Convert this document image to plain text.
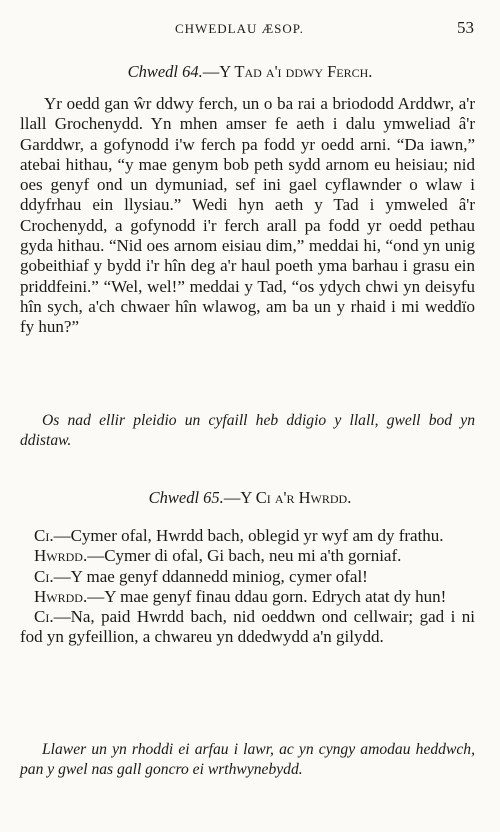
CHWEDLAU ÆSOP.	53
Chwedl 64.—Y Tad a'i ddwy Ferch.

Yr oedd gan ŵr ddwy ferch, un o ba rai a briododd Arddwr, a'r llall Grochenydd. Yn mhen amser fe aeth i dalu ymweliad â'r Garddwr, a gofynodd i'w ferch pa fodd yr oedd arni. “Da iawn,” atebai hithau, “y mae genym bob peth sydd arnom eu heisiau; nid oes genyf ond un dymuniad, sef ini gael cyflawnder o wlaw i ddyfrhau ein llysiau.” Wedi hyn aeth y Tad i ymweled â'r Crochenydd, a gofynodd i'r ferch arall pa fodd yr oedd pethau gyda hithau. “Nid oes arnom eisiau dim,” meddai hi, “ond yn unig gobeithiaf y bydd i'r hîn deg a'r haul poeth yma barhau i grasu ein priddfeini.” “Wel, wel!” meddai y Tad, “os ydych chwi yn deisyfu hîn sych, a'ch chwaer hîn wlawog, am ba un y rhaid i mi weddïo fy hun?”

Os nad ellir pleidio un cyfaill heb ddigio y llall, gwell bod yn ddistaw.
Chwedl 65.—Y Ci a'r Hwrdd.

Ci.—Cymer ofal, Hwrdd bach, oblegid yr wyf am dy frathu.

Hwrdd.—Cymer di ofal, Gi bach, neu mi a'th gorniaf.

Ci.—Y mae genyf ddannedd miniog, cymer ofal!

Hwrdd.—Y mae genyf finau ddau gorn. Edrych atat dy hun!

Ci.—Na, paid Hwrdd bach, nid oeddwn ond cellwair; gad i ni fod yn gyfeillion, a chwareu yn ddedwydd a'n gilydd.

Llawer un yn rhoddi ei arfau i lawr, ac yn cyngy amodau heddwch, pan y gwel nas gall goncro ei wrthwynebydd.
